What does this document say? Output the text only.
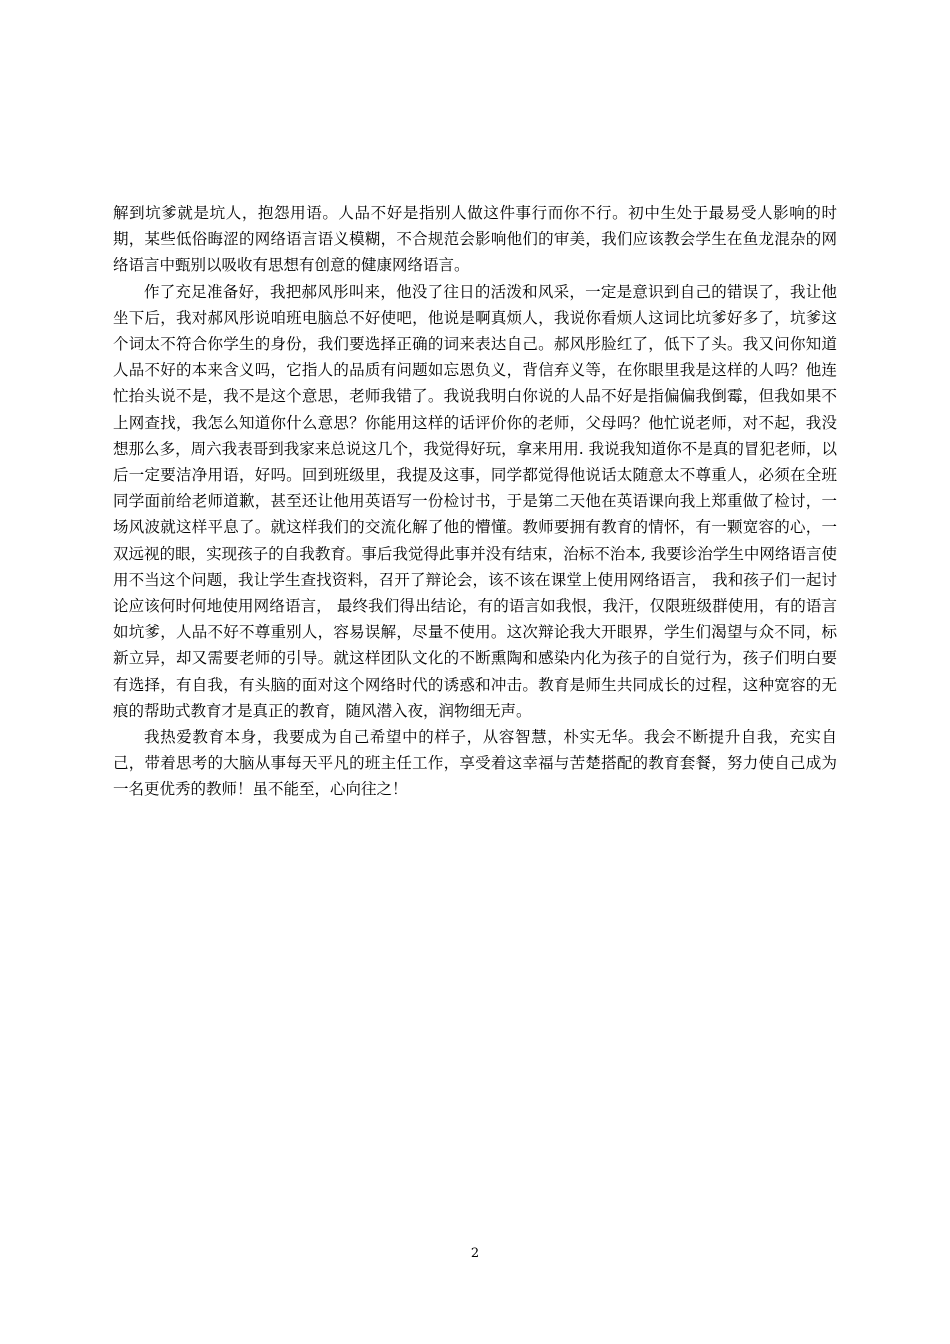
解到坑爹就是坑人，抱怨用语。人品不好是指别人做这件事行而你不行。初中生处于最易受人影响的时期，某些低俗晦涩的网络语言语义模糊，不合规范会影响他们的审美，我们应该教会学生在鱼龙混杂的网络语言中甄别以吸收有思想有创意的健康网络语言。

作了充足准备好，我把郝风彤叫来，他没了往日的活泼和风采，一定是意识到自己的错误了，我让他坐下后，我对郝风彤说咱班电脑总不好使吧，他说是啊真烦人，我说你看烦人这词比坑爹好多了，坑爹这个词太不符合你学生的身份，我们要选择正确的词来表达自己。郝风彤脸红了，低下了头。我又问你知道人品不好的本来含义吗，它指人的品质有问题如忘恩负义，背信弃义等，在你眼里我是这样的人吗？他连忙抬头说不是，我不是这个意思，老师我错了。我说我明白你说的人品不好是指偏偏我倒霉，但我如果不上网查找，我怎么知道你什么意思？你能用这样的话评价你的老师，父母吗？他忙说老师，对不起，我没想那么多，周六我表哥到我家来总说这几个，我觉得好玩，拿来用用. 我说我知道你不是真的冒犯老师，以后一定要洁净用语，好吗。回到班级里，我提及这事，同学都觉得他说话太随意太不尊重人，必须在全班同学面前给老师道歉，甚至还让他用英语写一份检讨书，于是第二天他在英语课向我上郑重做了检讨，一场风波就这样平息了。就这样我们的交流化解了他的懵懂。教师要拥有教育的情怀，有一颗宽容的心，一双远视的眼，实现孩子的自我教育。事后我觉得此事并没有结束，治标不治本, 我要诊治学生中网络语言使用不当这个问题，我让学生查找资料，召开了辩论会，该不该在课堂上使用网络语言， 我和孩子们一起讨论应该何时何地使用网络语言， 最终我们得出结论，有的语言如我恨，我汗，仅限班级群使用，有的语言如坑爹，人品不好不尊重别人，容易误解，尽量不使用。这次辩论我大开眼界，学生们渴望与众不同，标新立异，却又需要老师的引导。就这样团队文化的不断熏陶和感染内化为孩子的自觉行为，孩子们明白要有选择，有自我，有头脑的面对这个网络时代的诱惑和冲击。教育是师生共同成长的过程，这种宽容的无痕的帮助式教育才是真正的教育，随风潜入夜，润物细无声。

我热爱教育本身，我要成为自己希望中的样子，从容智慧，朴实无华。我会不断提升自我，充实自己，带着思考的大脑从事每天平凡的班主任工作，享受着这幸福与苦楚搭配的教育套餐，努力使自己成为一名更优秀的教师！虽不能至，心向往之！

2
